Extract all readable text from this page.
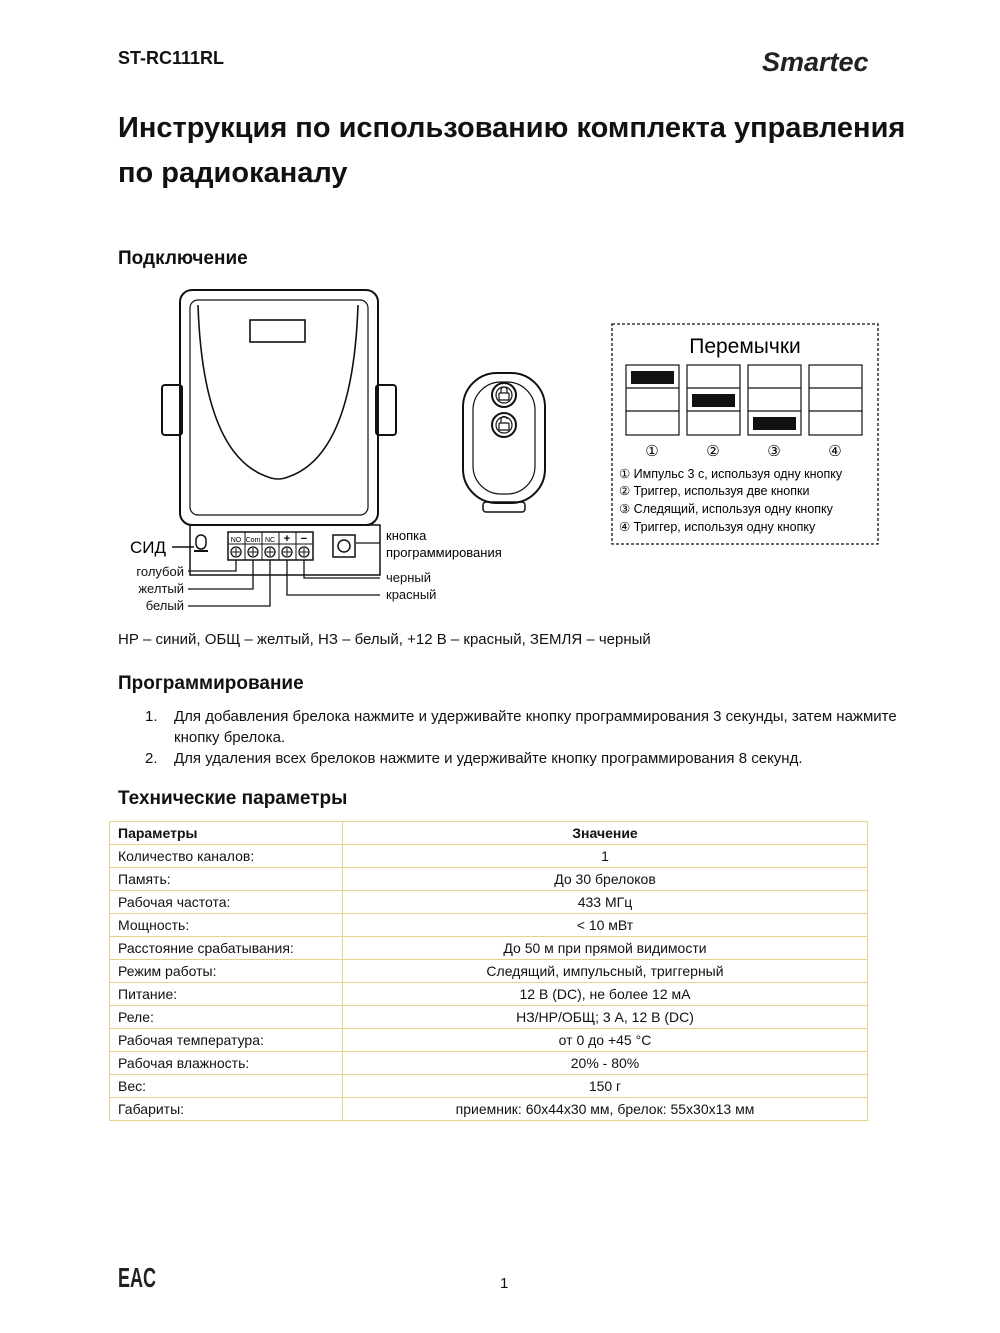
ST-RC111RL	Smartec
Инструкция по использованию комплекта управления по радиоканалу
Подключение
NO Com NC + −
СИД
кнопка
программирования
голубой
желтый
белый
черный
красный
Перемычки
①	②	③	④
① Импульс 3 с, используя одну кнопку
② Триггер, используя две кнопки
③ Следящий, используя одну кнопку
④ Триггер, используя одну кнопку
НР – синий, ОБЩ – желтый, НЗ – белый, +12 В – красный, ЗЕМЛЯ – черный
Программирование
1. Для добавления брелока нажмите и удерживайте кнопку программирования 3 секунды, затем нажмите кнопку брелока.
2. Для удаления всех брелоков нажмите и удерживайте кнопку программирования 8 секунд.
Технические параметры
Параметры	Значение
Количество каналов:	1
Память:	До 30 брелоков
Рабочая частота:	433 МГц
Мощность:	< 10 мВт
Расстояние срабатывания:	До 50 м при прямой видимости
Режим работы:	Следящий, импульсный, триггерный
Питание:	12 В (DC), не более 12 мА
Реле:	НЗ/НР/ОБЩ; 3 А, 12 В (DC)
Рабочая температура:	от 0 до +45 °С
Рабочая влажность:	20% - 80%
Вес:	150 г
Габариты:	приемник: 60x44x30 мм, брелок: 55x30x13 мм
EAC	1
